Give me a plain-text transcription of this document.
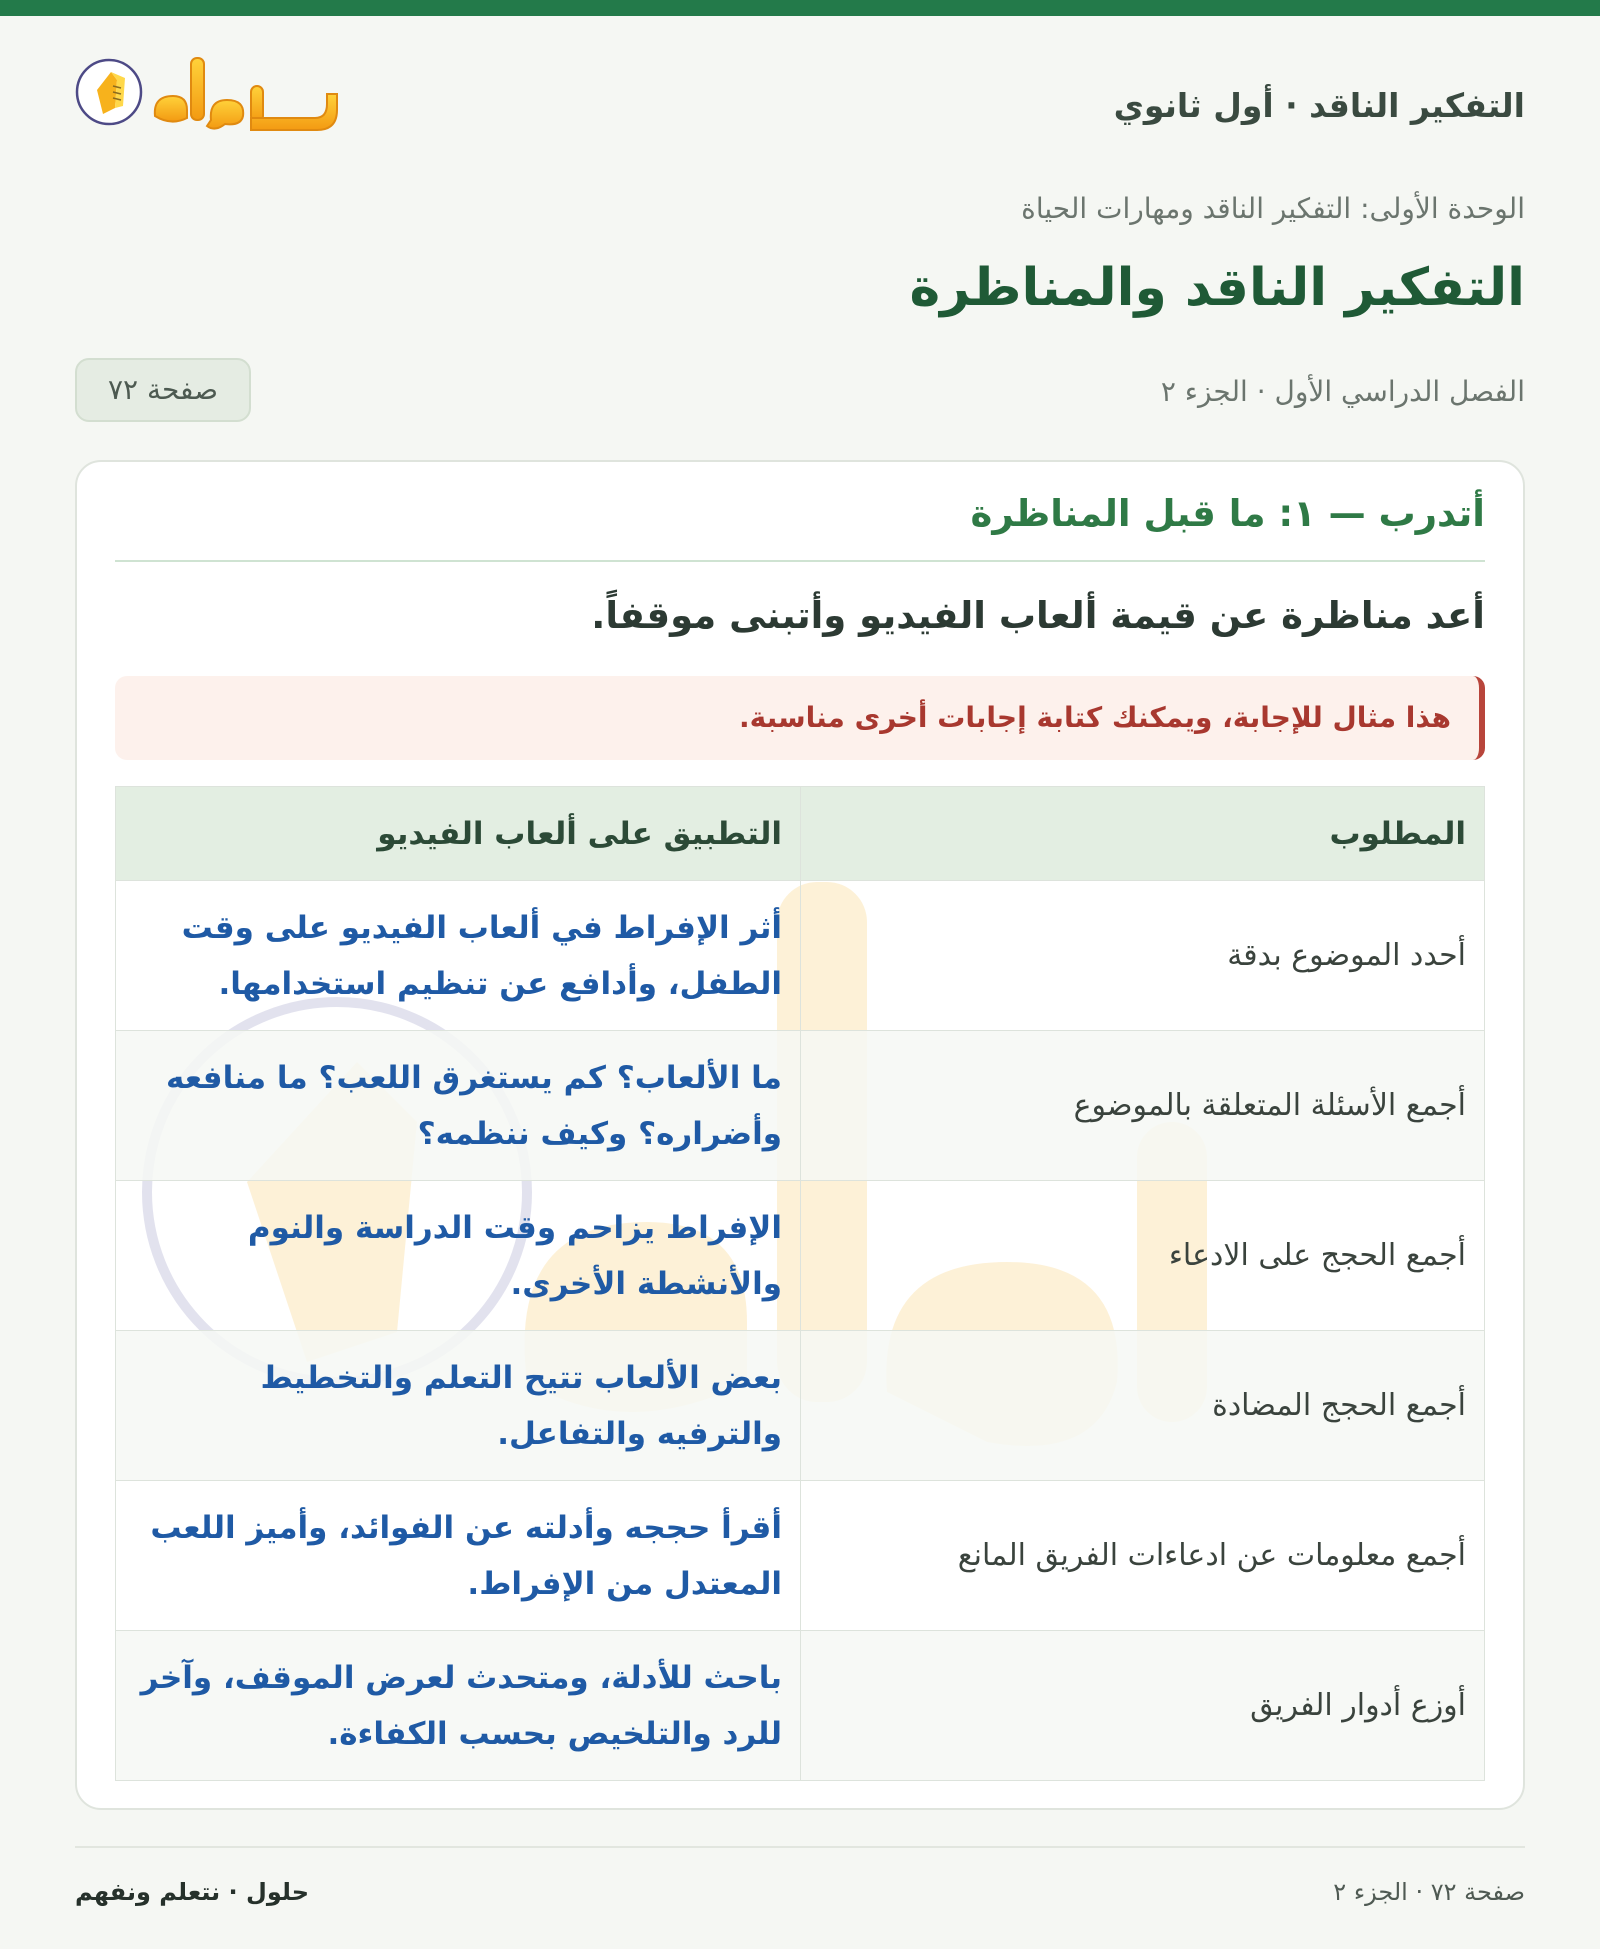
التفكير الناقد · أول ثانوي
الوحدة الأولى: التفكير الناقد ومهارات الحياة
التفكير الناقد والمناظرة
الفصل الدراسي الأول · الجزء ٢
صفحة ٧٢
أتدرب — ١: ما قبل المناظرة
أعد مناظرة عن قيمة ألعاب الفيديو وأتبنى موقفاً.
هذا مثال للإجابة، ويمكنك كتابة إجابات أخرى مناسبة.
المطلوب	التطبيق على ألعاب الفيديو
أحدد الموضوع بدقة	أثر الإفراط في ألعاب الفيديو على وقت الطفل، وأدافع عن تنظيم استخدامها.
أجمع الأسئلة المتعلقة بالموضوع	ما الألعاب؟ كم يستغرق اللعب؟ ما منافعه وأضراره؟ وكيف ننظمه؟
أجمع الحجج على الادعاء	الإفراط يزاحم وقت الدراسة والنوم والأنشطة الأخرى.
أجمع الحجج المضادة	بعض الألعاب تتيح التعلم والتخطيط والترفيه والتفاعل.
أجمع معلومات عن ادعاءات الفريق المانع	أقرأ حججه وأدلته عن الفوائد، وأميز اللعب المعتدل من الإفراط.
أوزع أدوار الفريق	باحث للأدلة، ومتحدث لعرض الموقف، وآخر للرد والتلخيص بحسب الكفاءة.
صفحة ٧٢ · الجزء ٢
حلول · نتعلم ونفهم
